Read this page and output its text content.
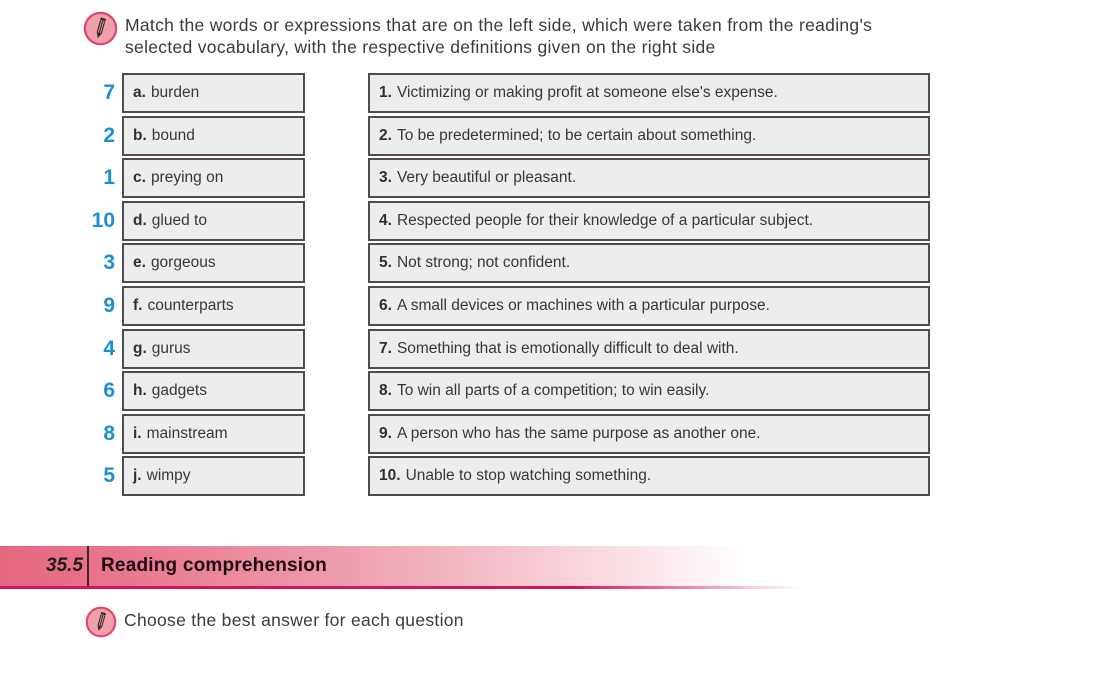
Match the words or expressions that are on the left side, which were taken from the reading's
selected vocabulary, with the respective definitions given on the right side
7	a. burden
2	b. bound
1	c. preying on
10	d. glued to
3	e. gorgeous
9	f. counterparts
4	g. gurus
6	h. gadgets
8	i. mainstream
5	j. wimpy
1. Victimizing or making profit at someone else's expense.
2. To be predetermined; to be certain about something.
3. Very beautiful or pleasant.
4. Respected people for their knowledge of a particular subject.
5. Not strong; not confident.
6. A small devices or machines with a particular purpose.
7. Something that is emotionally difficult to deal with.
8. To win all parts of a competition; to win easily.
9. A person who has the same purpose as another one.
10. Unable to stop watching something.
35.5 Reading comprehension
Choose the best answer for each question
